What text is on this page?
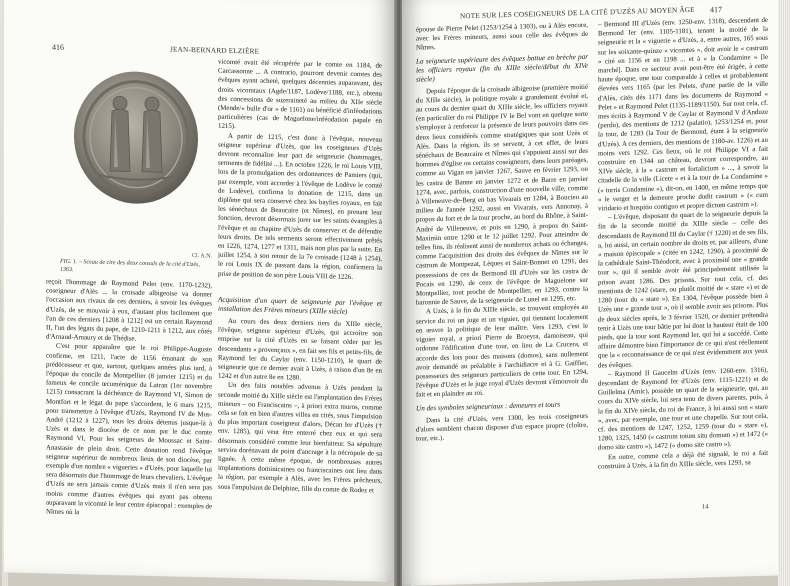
416	JEAN-BERNARD ELZIÈRE
FIG. 1. – Sceau de cire des deux consuls de la cité d'Uzès, 1363.
Cl. A.N.

vicomté avait été récupérée par le comte en 1184, de Carcassonne ... A contrario, pourront devenir comtes des évêques ayant acheté, quelques décennies auparavant, des droits vicomtaux (Agde/1187, Lodève/1188, etc.), obtenu des concessions de suzeraineté au milieu du XIIe siècle (Mende/« bulle d'or » de 1161) ou bénéficié d'inféodations particulières (cas de Maguelone/inféodation papale en 1215).

A partir de 1215, c'est donc à l'évêque, nouveau seigneur supérieur d'Uzès, que les coseigneurs d'Uzès devront reconnaître leur part de seigneurie (hommages, serments de fidélité ...). En octobre 1226, le roi Louis VIII, lors de la promulgation des ordonnances de Pamiers (qui, par exemple, vont accorder à l'évêque de Lodève le comté de Lodève), confirma la donation de 1215, dans un diplôme qui sera conservé chez les baylies royaux, en fait les sénéchaux de Beaucaire (et Nîmes), en prenant leur fonction, devront désormais jurer sur les saints évangiles à l'évêque et au chapitre d'Uzès de conserver et de défendre leurs droits. De tels serments seront effectivement prêtés en 1226, 1274, 1277 et 1311, mais non plus par la suite. En juillet 1254, à son retour de la 7e croisade (1248 à 1254), le roi Louis IX de passant dans la région, confirmera la prise de position de son père Louis VIII de 1226.

reçoit l'hommage de Raymond Pelet (env. 1170-1232), coseigneur d'Alès ... la croisade albigeoise va donner l'occasion aux rivaux de ces derniers, à savoir les évêques d'Uzès, de se mouvoir à eux, d'autant plus facilement que l'un de ces derniers [1208 à 1212] est un certain Raymond II, l'un des légats du pape, de 1210-1211 à 1212, aux côtés d'Arnaud-Amaury et de Thédise.

C'est pour apparaître que le roi Philippe-Auguste confirme, en 1211, l'acte de 1156 émanant de son prédécesseur et que, surtout, quelques années plus tard, à l'époque du concile de Montpellier (8 janvier 1215) et du fameux 4e concile œcuménique du Latran (1er novembre 1215) consacrant la déchéance de Raymond VI, Simon de Montfort et le légat du pape s'accordent, le 6 mars 1215, pour transmettre à l'évêque d'Uzès, Raymond IV de Mus-André (1212 à 1227), tous les droits détenus jusque-là à Uzès et dans le diocèse de ce nom par le duc comte Raymond VI, Pour les seigneurs de Moussac et Saint-Anastasie de plein droit. Cette donation rend l'évêque seigneur supérieur de nombreux lieux de son diocèse, par exemple d'un nombre « vigueries » d'Uzès, pour laquelle lui sera désormais due l'hommage de leurs chevaliers. L'évêque d'Uzès ne sera jamais comte d'Uzès mais il n'en sera pas moins comme d'autres évêques qui ayant pas obtenu auparavant la vicomté le leur centre épiscopal : exemples de Nîmes où la

Acquisition d'un quart de seigneurie par l'évêque et installation des Frères mineurs (XIIIe siècle)

Au cours des deux derniers tiers du XIIIe siècle, l'évêque, seigneur supérieur d'Uzès, qui accroître son emprise sur la cité d'Uzès en se faisant céder par les descendants « provençaux », en fait ses fils et petits-fils, de Raymond Ier du Caylar (env. 1150-1210), le quart de seigneurie que ce dernier avait à Uzès, à raison d'un 8e en 1242 et d'un autre 8e en 1280.

Un des faits notables advenus à Uzès pendant la seconde moitié du XIIIe siècle est l'implantation des Frères mineurs – ou Franciscains –, à priori extra muros, comme cela se fait en bien d'autres villes en cités, sous l'impulsion du plus important coseigneur d'alors, Décan Ier d'Uzès († env. 1285), qui veut être enterré chez eux et qui sera désormais considéré comme leur bienfaiteur. Sa sépulture servira dorénavant de point d'ancrage à la nécropole de sa lignée. À cette même époque, de nombreuses autres implantations dominicaines ou franciscaines ont lieu dans la région, par exemple à Alès, avec les Frères prêcheurs, sous l'impulsion de Delphine, fille du comte de Rodez et

NOTE SUR LES COSEIGNEURS DE LA CITÉ D'UZÈS AU MOYEN ÂGE 417

épouse de Pierre Pelet (1253/1254 à 1303), ou à Alès encore, avec les Frères mineurs, aussi sous celle des évêques de Nîmes.

La seigneurie supérieure des évêques battue en brèche par les officiers royaux (fin du XIIIe siècle/début du XIVe siècle)

Depuis l'époque de la croisade albigeoise (première moitié du XIIIe siècle), la politique royale a grandement évolué et, au cours du dernier quart du XIIIe siècle, les officiers royaux (en particulier du roi Philippe IV le Bel vont en quelque sorte s'employer à renforcer la présence de leurs pouvoirs dans ces deux lieux considérés comme stratégiques que sont Uzès et Alès. Dans la région, ils se servent, à cet effet, de leurs sénéchaux de Beaucaire et Nîmes qui s'appuient aussi sur des hommes d'église ou certains coseigneurs, dans leurs paréages, comme au Vigan en janvier 1267, Sauve en février 1293, ou les castra de Banne en janvier 1272 et de Barre en janvier 1274, avec, parfois, construction d'une nouvelle ville, comme à Villeneuve-de-Berg en bas Vivarais en 1284, à Boucieu au milieu de l'année 1292, aussi en Vivarais, vers Annonay, à propos du fort et de la tour proche, au bord du Rhône, à Saint-André de Villeneuve, et puis en 1290, à propos du Saint-Maximin entre 1290 et le 12 juillet 1292. Pour atteindre de telles fins, ils réalisent aussi de nombreux achats ou échanges, comme l'acquisition des droits des évêques de Nîmes sur le castrum de Montpezat, Lèques et Saint-Bonnet en 1291, des possessions de ces de Bermond III d'Uzès sur les castra de Pocais en 1290, de ceux de l'évêque de Maguelone sur Montpellier, tout proche de Montpellier, en 1293, contre la baronnie de Sauve, de la seigneurie de Lunel en 1295, etc.

A Uzès, à la fin du XIIIe siècle, se trouvent employés au service du roi un juge et un viguier, qui tiennent localement en œuvre la politique de leur maître. Vers 1293, c'est le viguier royal, a priori Pierre de Broeyra, damoiseau, qui ordonne l'édification d'une tour, en lieu de La Crucera, et accorde des lots pour des maisons (domos), sans nullement avoir demandé au préalable à l'archidiacre et à G. Gaiffier, possesseurs des seigneurs particuliers de cette tour. En 1294, l'évêque d'Uzès et le juge royal d'Uzès devront s'émouvoir du fait et en plaindre au roi.

Un des symboles seigneuriaux : demeures et tours

Dans la cité d'Uzès, vers 1300, les trois coseigneurs d'alors semblent chacun disposer d'un espace propre (cloître, tour, etc.).

– Bermond III d'Uzès (env. 1250-env. 1318), descendant de Bermond Ier (env. 1105-1181), tenant la moitié de la seigneurie et la « viguerie » d'Uzès, a, entre autres, 165 sous sur les soixante-quinze « vicomtes », doit avoir le « castrum » cité en 1156 et en 1198 ... et à « la Condamine » [le marché]. Dans ce secteur avait peut-être été érigée, à cette haute époque, une tour comparable à celles et probablement élevées vers 1165 (par les Pelets, d'une partie de la ville d'Alès, cités dès 1171 dans les documents de Raymond « Pelet » et Raymond Pelet (1135-1189/1150). Sur tout cela, cf. mes écrits à Raymond V de Caylar et Raymond V d'Anduze (perdu), des mentions de 1212 (palatio), 1253/1254 et, pour la tour, de 1283 (la Tour de Bermond, étant à la seigneurie d'Uzès). A ces derniers, des mentions de 1180-av. 1226) et au moins vers 1292. Ces lieux, où le roi Philippe VI a fait construire en 1344 un château, devront correspondre, au XIVe siècle, à la « castrum et fortalicium » ..., à savoir la citadelle de la ville (Licete « et à la tour de La Condamine » (« turris Condamine »), dit-on, en 1400, en même temps que « le verger et la demeure proche dudit castrum » (« cum viridario et hospitio contiguo et propre dictum castrum »).

– L'évêque, disposant du quart de la seigneurie depuis la fin de la seconde moitié du XIIIe siècle – celle des descendants de Raymond III du Caylar († 1220) et de ses fils, a, lui aussi, un certain nombre de droits et, par ailleurs, d'une « maison épiscopale » (citée en 1242, 1290), à proximité de la cathédrale Saint-Théodorit, avec à proximité une « grande tour », qui il semble avoir été principalement utilisée la prison avant 1286. Des prisons. Sur tout cela, cf. des mentions de 1242 (stare, ou plutôt moitié de « stare ») et de 1280 (tour du « stare »). En 1304, l'évêque possède bien à Uzès une « grande tour », où il semble avoir ses prisons. Plus de deux siècles après, le 3 février 1520, ce dernier prétendra tenir à Uzès une tour bâtie par lui dont la hauteur était de 100 pieds, que la tour sont Raymond Ier, qui lui a succédé. Cette affaire démontre bien l'importance de ce qui n'est réellement que la « reconnaissance de ce qui n'est évidemment aux yeux des évêques.

– Raymond II Gaucelm d'Uzès (env. 1260-env. 1316), descendant de Raymond Ier d'Uzès (env. 1115-1221) et de Guillelma (Amic), possède un quart de la seigneurie, qui, au cours du XIVe siècle, lui sera tenu de divers parents, puis, à la fin du XIVe siècle, du roi de France, à lui aussi son « stare », avec, par exemple, une tour et une chapelle. Sur tout cela, cf. des mentions de 1247, 1252, 1259 (tour du « stare »), 1280, 1325, 1450 (« castrum totum situ domum ») et 1472 (« domo site castro »), 1472 (« domo site castro »).

En outre, comme cela a déjà été signalé, le roi a fait construire à Uzès, à la fin du XIIIe siècle, vers 1293, sa

14
